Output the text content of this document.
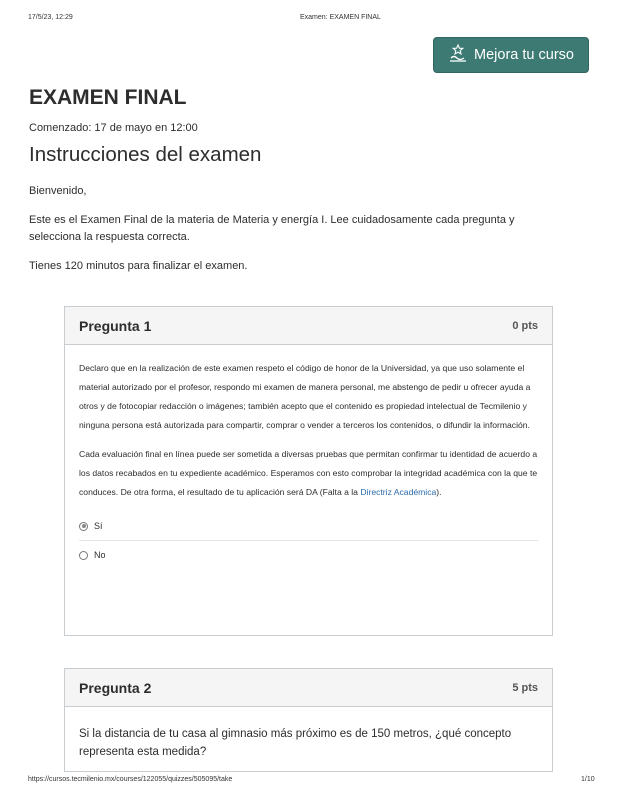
17/5/23, 12:29	Examen: EXAMEN FINAL
Mejora tu curso
EXAMEN FINAL
Comenzado: 17 de mayo en 12:00
Instrucciones del examen

Bienvenido,

Este es el Examen Final de la materia de Materia y energía I. Lee cuidadosamente cada pregunta y selecciona la respuesta correcta.

Tienes 120 minutos para finalizar el examen.

Pregunta 1	0 pts

Declaro que en la realización de este examen respeto el código de honor de la Universidad, ya que uso solamente el material autorizado por el profesor, respondo mi examen de manera personal, me abstengo de pedir u ofrecer ayuda a otros y de fotocopiar redacción o imágenes; también acepto que el contenido es propiedad intelectual de Tecmilenio y ninguna persona está autorizada para compartir, comprar o vender a terceros los contenidos, o difundir la información.

Cada evaluación final en línea puede ser sometida a diversas pruebas que permitan confirmar tu identidad de acuerdo a los datos recabados en tu expediente académico. Esperamos con esto comprobar la integridad académica con la que te conduces. De otra forma, el resultado de tu aplicación será DA (Falta a la Directriz Académica).

Sí
No
Pregunta 2	5 pts

Si la distancia de tu casa al gimnasio más próximo es de 150 metros, ¿qué concepto representa esta medida?

https://cursos.tecmilenio.mx/courses/122055/quizzes/505095/take	1/10
